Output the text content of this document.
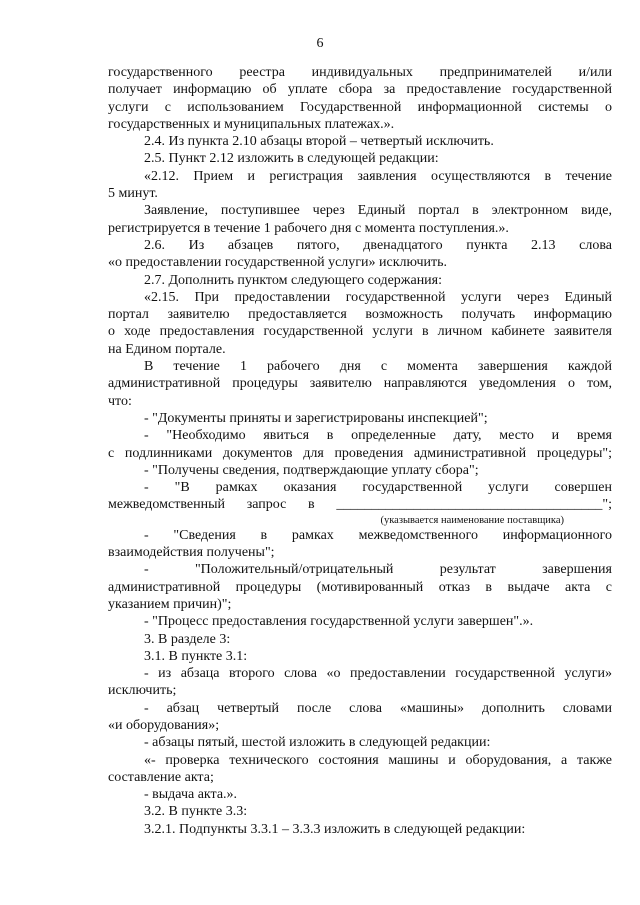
6
государственного реестра индивидуальных предпринимателей и/или
получает информацию об уплате сбора за предоставление государственной
услуги с использованием Государственной информационной системы о
государственных и муниципальных платежах.».
2.4. Из пункта 2.10 абзацы второй – четвертый исключить.
2.5. Пункт 2.12 изложить в следующей редакции:
«2.12. Прием и регистрация заявления осуществляются в течение
5 минут.
Заявление, поступившее через Единый портал в электронном виде,
регистрируется в течение 1 рабочего дня с момента поступления.».
2.6. Из абзацев пятого, двенадцатого пункта 2.13 слова
«о предоставлении государственной услуги» исключить.
2.7. Дополнить пунктом следующего содержания:
«2.15. При предоставлении государственной услуги через Единый
портал заявителю предоставляется возможность получать информацию
о ходе предоставления государственной услуги в личном кабинете заявителя
на Едином портале.
В течение 1 рабочего дня с момента завершения каждой
административной процедуры заявителю направляются уведомления о том,
что:
- "Документы приняты и зарегистрированы инспекцией";
- "Необходимо явиться в определенные дату, место и время
с подлинниками документов для проведения административной процедуры";
- "Получены сведения, подтверждающие уплату сбора";
- "В рамках оказания государственной услуги совершен
межведомственный запрос в ______________________________________";
(указывается наименование поставщика)
- "Сведения в рамках межведомственного информационного
взаимодействия получены";
- "Положительный/отрицательный результат завершения
административной процедуры (мотивированный отказ в выдаче акта с
указанием причин)";
- "Процесс предоставления государственной услуги завершен".».
3. В разделе 3:
3.1. В пункте 3.1:
- из абзаца второго слова «о предоставлении государственной услуги»
исключить;
- абзац четвертый после слова «машины» дополнить словами
«и оборудования»;
- абзацы пятый, шестой изложить в следующей редакции:
«- проверка технического состояния машины и оборудования, а также
составление акта;
- выдача акта.».
3.2. В пункте 3.3:
3.2.1. Подпункты 3.3.1 – 3.3.3 изложить в следующей редакции:
